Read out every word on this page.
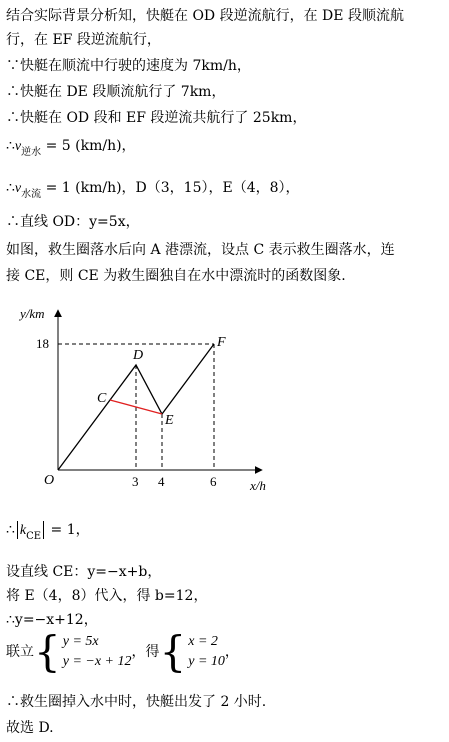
结合实际背景分析知，快艇在 OD 段逆流航行，在 DE 段顺流航
行，在 EF 段逆流航行，
∵快艇在顺流中行驶的速度为 7km/h，
∴快艇在 DE 段顺流航行了 7km，
∴快艇在 OD 段和 EF 段逆流共航行了 25km，
$\therefore v_{逆水} = 5$ (km/h)，
$\therefore v_{水流} = 1$ (km/h)，D（3，15），E（4，8），
∴直线 OD：y=5x，
如图，救生圈落水后向 A 港漂流，设点 C 表示救生圈落水，连
接 CE，则 CE 为救生圈独自在水中漂流时的函数图象.
3 4	6
18
C
D
E
F
y/km
x/h
O
∴ $k_{CE} = 1$，
设直线 CE：y=−x+b，
将 E（4，8）代入，得 b=12，
∴y=−x+12，
联立{ y = 5x
y = −x + 12，得{ x = 2
y = 10，
∴救生圈掉入水中时，快艇出发了 2 小时.
故选 D.
